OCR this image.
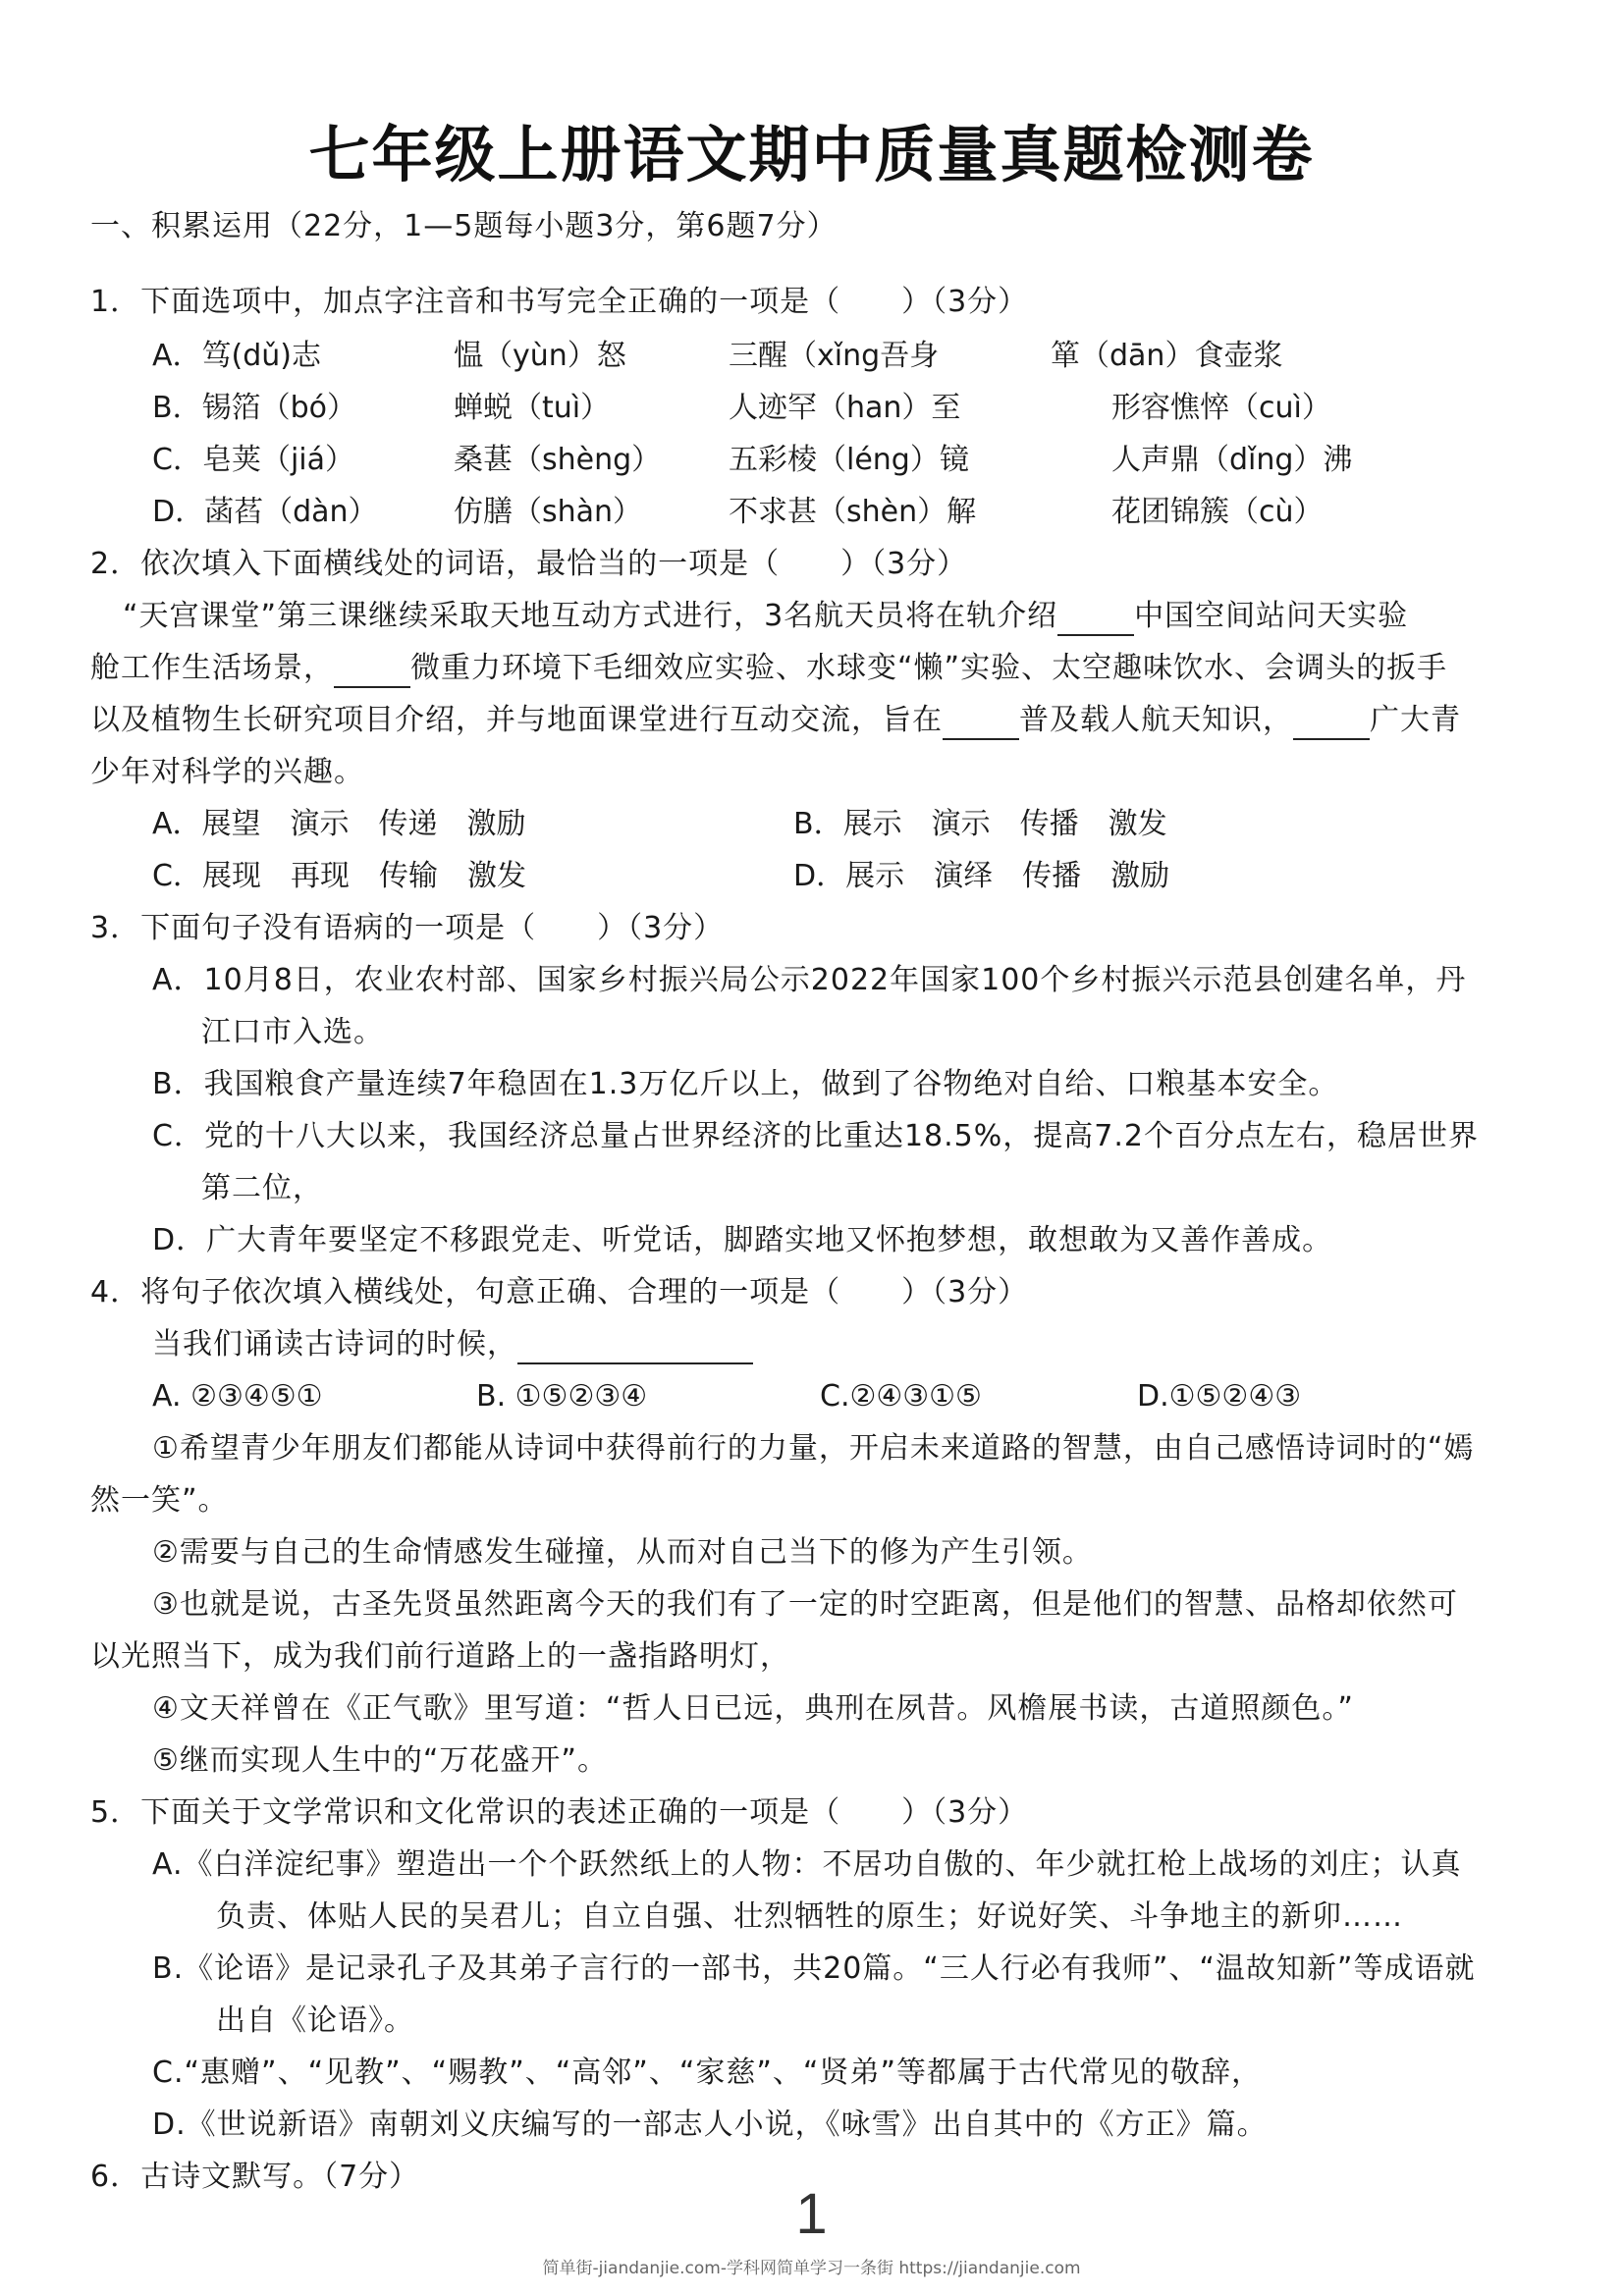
七年级上册语文期中质量真题检测卷
一、积累运用（22分，1—5题每小题3分，第6题7分）
1．下面选项中，加点字注音和书写完全正确的一项是（　　）（3分）
A．笃(dǔ)志	愠（yùn）怒	三醒（xǐng吾身	箪（dān）食壶浆
B．锡箔（bó）	蝉蜕（tuì）	人迹罕（han）至	形容憔悴（cuì）
C．皂荚（jiá）	桑葚（shèng） 五彩棱（léng）镜	人声鼎（dǐng）沸
D．菡萏（dàn）	仿膳（shàn）	不求甚（shèn）解	花团锦簇（cù）
2．依次填入下面横线处的词语，最恰当的一项是（　　）（3分）
“天宫课堂”第三课继续采取天地互动方式进行，3名航天员将在轨介绍	中国空间站问天实验
舱工作生活场景，	微重力环境下毛细效应实验、水球变“懒”实验、太空趣味饮水、会调头的扳手
以及植物生长研究项目介绍，并与地面课堂进行互动交流，旨在	普及载人航天知识，	广大青
少年对科学的兴趣。
A．展望　演示　传递　激励	B．展示　演示　传播　激发
C．展现　再现　传输　激发	D．展示　演绎　传播　激励
3．下面句子没有语病的一项是（　　）（3分）
A．10月8日，农业农村部、国家乡村振兴局公示2022年国家100个乡村振兴示范县创建名单，丹
江口市入选。
B．我国粮食产量连续7年稳固在1.3万亿斤以上，做到了谷物绝对自给、口粮基本安全。
C．党的十八大以来，我国经济总量占世界经济的比重达18.5%，提高7.2个百分点左右，稳居世界
第二位，
D．广大青年要坚定不移跟党走、听党话，脚踏实地又怀抱梦想，敢想敢为又善作善成。
4．将句子依次填入横线处，句意正确、合理的一项是（　　）（3分）
当我们诵读古诗词的时候，
A. ②③④⑤①	B. ①⑤②③④	C.②④③①⑤	D.①⑤②④③
①希望青少年朋友们都能从诗词中获得前行的力量，开启未来道路的智慧，由自己感悟诗词时的“嫣
然一笑”。
②需要与自己的生命情感发生碰撞，从而对自己当下的修为产生引领。
③也就是说，古圣先贤虽然距离今天的我们有了一定的时空距离，但是他们的智慧、品格却依然可
以光照当下，成为我们前行道路上的一盏指路明灯，
④文天祥曾在《正气歌》里写道：“哲人日已远，典刑在夙昔。风檐展书读，古道照颜色。”
⑤继而实现人生中的“万花盛开”。
5．下面关于文学常识和文化常识的表述正确的一项是（　　）（3分）
A.《白洋淀纪事》塑造出一个个跃然纸上的人物：不居功自傲的、年少就扛枪上战场的刘庄；认真
负责、体贴人民的吴君儿；自立自强、壮烈牺牲的原生；好说好笑、斗争地主的新卯……
B.《论语》是记录孔子及其弟子言行的一部书，共20篇。“三人行必有我师”、“温故知新”等成语就
出自《论语》。
C.“惠赠”、“见教”、“赐教”、“高邻”、“家慈”、“贤弟”等都属于古代常见的敬辞，
D.《世说新语》南朝刘义庆编写的一部志人小说，《咏雪》出自其中的《方正》篇。
6．古诗文默写。（7分）
1
简单街-jiandanjie.com-学科网简单学习一条街 https://jiandanjie.com
